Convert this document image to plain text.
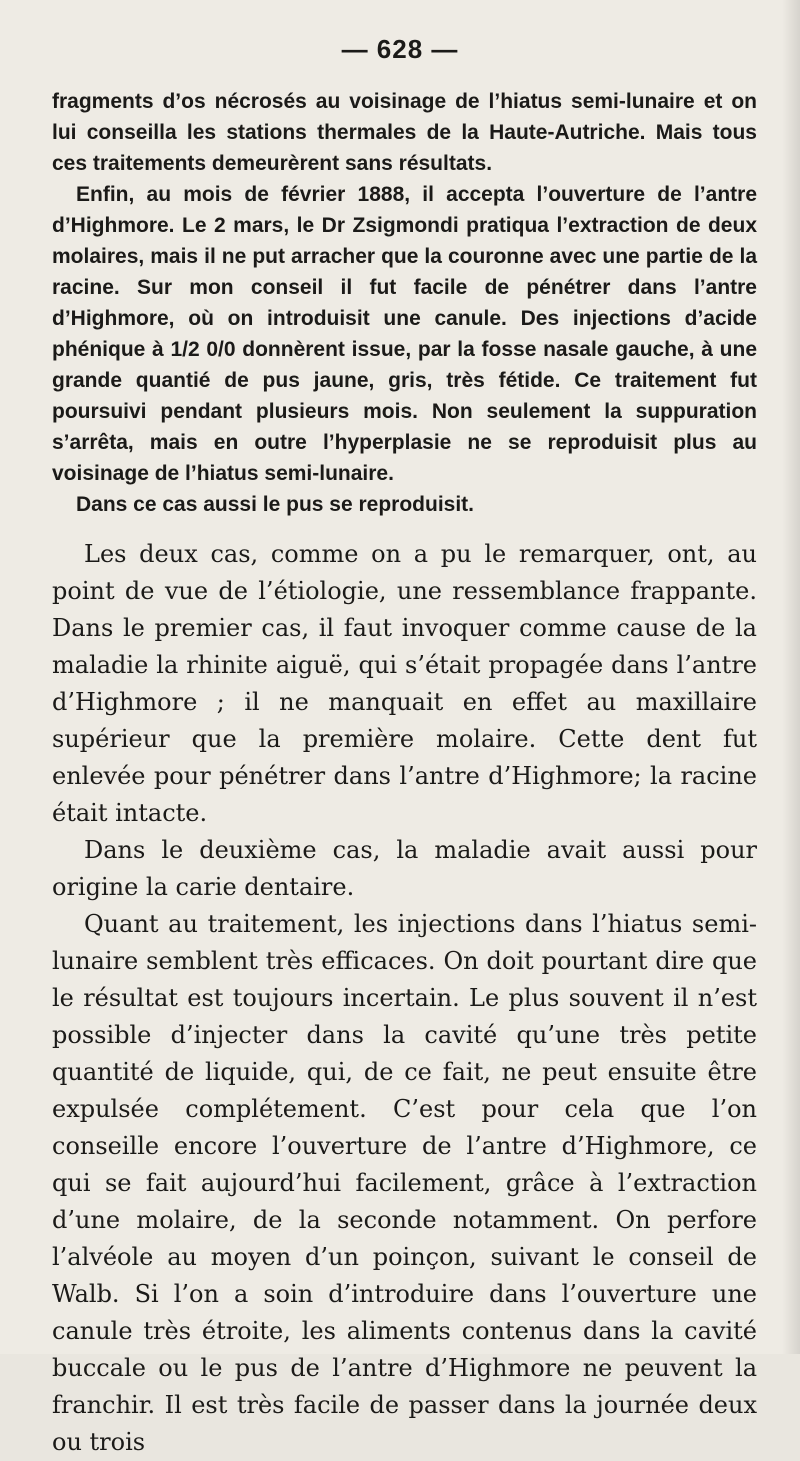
— 628 —

fragments d’os nécrosés au voisinage de l’hiatus semi-lunaire et on lui conseilla les stations thermales de la Haute-Autriche. Mais tous ces traitements demeurèrent sans résultats.

Enfin, au mois de février 1888, il accepta l’ouverture de l’antre d’Highmore. Le 2 mars, le Dr Zsigmondi pratiqua l’extraction de deux molaires, mais il ne put arracher que la couronne avec une partie de la racine. Sur mon conseil il fut facile de pénétrer dans l’antre d’Highmore, où on introduisit une canule. Des injections d’acide phénique à 1/2 0/0 donnèrent issue, par la fosse nasale gauche, à une grande quantié de pus jaune, gris, très fétide. Ce traitement fut poursuivi pendant plusieurs mois. Non seulement la suppuration s’arrêta, mais en outre l’hyperplasie ne se reproduisit plus au voisinage de l’hiatus semi-lunaire.

Dans ce cas aussi le pus se reproduisit.

Les deux cas, comme on a pu le remarquer, ont, au point de vue de l’étiologie, une ressemblance frappante. Dans le premier cas, il faut invoquer comme cause de la maladie la rhinite aiguë, qui s’était propagée dans l’antre d’Highmore ; il ne manquait en effet au maxillaire supérieur que la première molaire. Cette dent fut enlevée pour pénétrer dans l’antre d’Highmore; la racine était intacte.

Dans le deuxième cas, la maladie avait aussi pour origine la carie dentaire.

Quant au traitement, les injections dans l’hiatus semi-lunaire semblent très efficaces. On doit pourtant dire que le résultat est toujours incertain. Le plus souvent il n’est possible d’injecter dans la cavité qu’une très petite quantité de liquide, qui, de ce fait, ne peut ensuite être expulsée complétement. C’est pour cela que l’on conseille encore l’ouverture de l’antre d’Highmore, ce qui se fait aujourd’hui facilement, grâce à l’extraction d’une molaire, de la seconde notamment. On perfore l’alvéole au moyen d’un poinçon, suivant le conseil de Walb. Si l’on a soin d’introduire dans l’ouverture une canule très étroite, les aliments contenus dans la cavité buccale ou le pus de l’antre d’Highmore ne peuvent la franchir. Il est très facile de passer dans la journée deux ou trois
